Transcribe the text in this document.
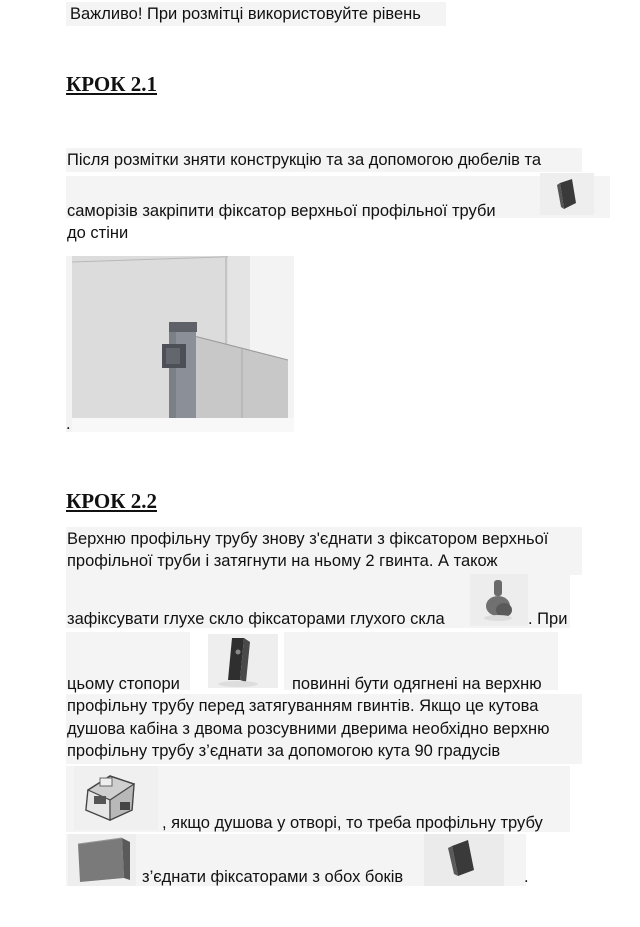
Важливо! При розмітці використовуйте рівень
КРОК 2.1
Після розмітки зняти конструкцію та за допомогою дюбелів та
саморізів закріпити фіксатор верхньої профільної труби
до стіни
.
КРОК 2.2
Верхню профільну трубу знову з'єднати з фіксатором верхньої
профільної труби і затягнути на ньому 2 гвинта. А також
зафіксувати глухе скло фіксаторами глухого скла	. При
цьому стопори	повинні бути одягнені на верхню
профільну трубу перед затягуванням гвинтів. Якщо це кутова
душова кабіна з двома розсувними дверима необхідно верхню
профільну трубу з’єднати за допомогою кута 90 градусів
, якщо душова у отворі, то треба профільну трубу
з’єднати фіксаторами з обох боків	.
